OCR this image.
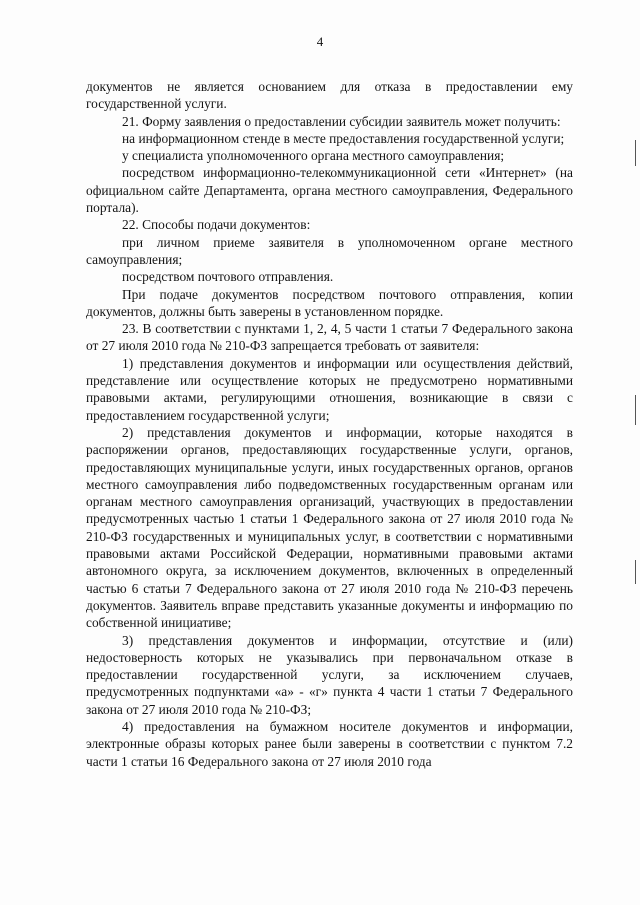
4

документов не является основанием для отказа в предоставлении ему государственной услуги.

21. Форму заявления о предоставлении субсидии заявитель может получить:

на информационном стенде в месте предоставления государственной услуги;

у специалиста уполномоченного органа местного самоуправления;

посредством информационно-телекоммуникационной сети «Интернет» (на официальном сайте Департамента, органа местного самоуправления, Федерального портала).

22. Способы подачи документов:

при личном приеме заявителя в уполномоченном органе местного самоуправления;

посредством почтового отправления.

При подаче документов посредством почтового отправления, копии документов, должны быть заверены в установленном порядке.

23. В соответствии с пунктами 1, 2, 4, 5 части 1 статьи 7 Федерального закона от 27 июля 2010 года № 210-ФЗ запрещается требовать от заявителя:

1) представления документов и информации или осуществления действий, представление или осуществление которых не предусмотрено нормативными правовыми актами, регулирующими отношения, возникающие в связи с предоставлением государственной услуги;

2) представления документов и информации, которые находятся в распоряжении органов, предоставляющих государственные услуги, органов, предоставляющих муниципальные услуги, иных государственных органов, органов местного самоуправления либо подведомственных государственным органам или органам местного самоуправления организаций, участвующих в предоставлении предусмотренных частью 1 статьи 1 Федерального закона от 27 июля 2010 года № 210-ФЗ государственных и муниципальных услуг, в соответствии с нормативными правовыми актами Российской Федерации, нормативными правовыми актами автономного округа, за исключением документов, включенных в определенный частью 6 статьи 7 Федерального закона от 27 июля 2010 года № 210-ФЗ перечень документов. Заявитель вправе представить указанные документы и информацию по собственной инициативе;

3) представления документов и информации, отсутствие и (или) недостоверность которых не указывались при первоначальном отказе в предоставлении государственной услуги, за исключением случаев, предусмотренных подпунктами «а» - «г» пункта 4 части 1 статьи 7 Федерального закона от 27 июля 2010 года № 210-ФЗ;

4) предоставления на бумажном носителе документов и информации, электронные образы которых ранее были заверены в соответствии с пунктом 7.2 части 1 статьи 16 Федерального закона от 27 июля 2010 года
